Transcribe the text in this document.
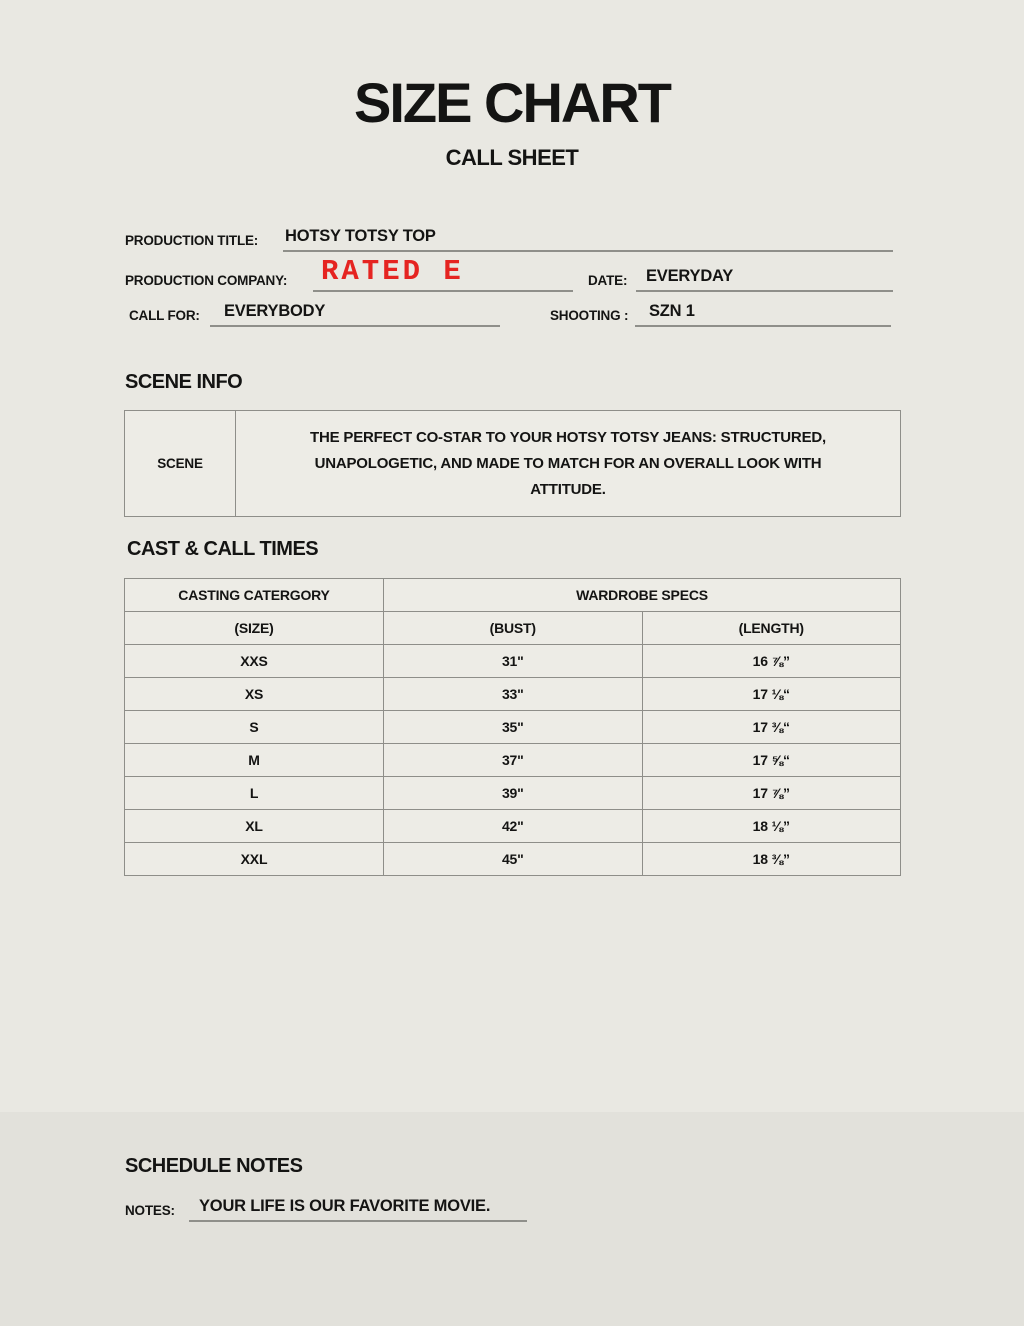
SIZE CHART
CALL SHEET
PRODUCTION TITLE: HOTSY TOTSY TOP
PRODUCTION COMPANY: RATED E	DATE:	EVERYDAY
CALL FOR:	EVERYBODY	SHOOTING :	SZN 1
SCENE INFO
SCENE
THE PERFECT CO-STAR TO YOUR HOTSY TOTSY JEANS: STRUCTURED, UNAPOLOGETIC, AND MADE TO MATCH FOR AN OVERALL LOOK WITH ATTITUDE.
CAST & CALL TIMES
CASTING CATERGORY	WARDROBE SPECS	
(SIZE)	(BUST)	(LENGTH)
XXS	31"	16 ⅞”
XS	33"	17 ⅛“
S	35"	17 ⅜“
M	37"	17 ⅝“
L	39"	17 ⅞”
XL	42"	18 ⅛”
XXL	45"	18 ⅜”
SCHEDULE NOTES
NOTES:	YOUR LIFE IS OUR FAVORITE MOVIE.
